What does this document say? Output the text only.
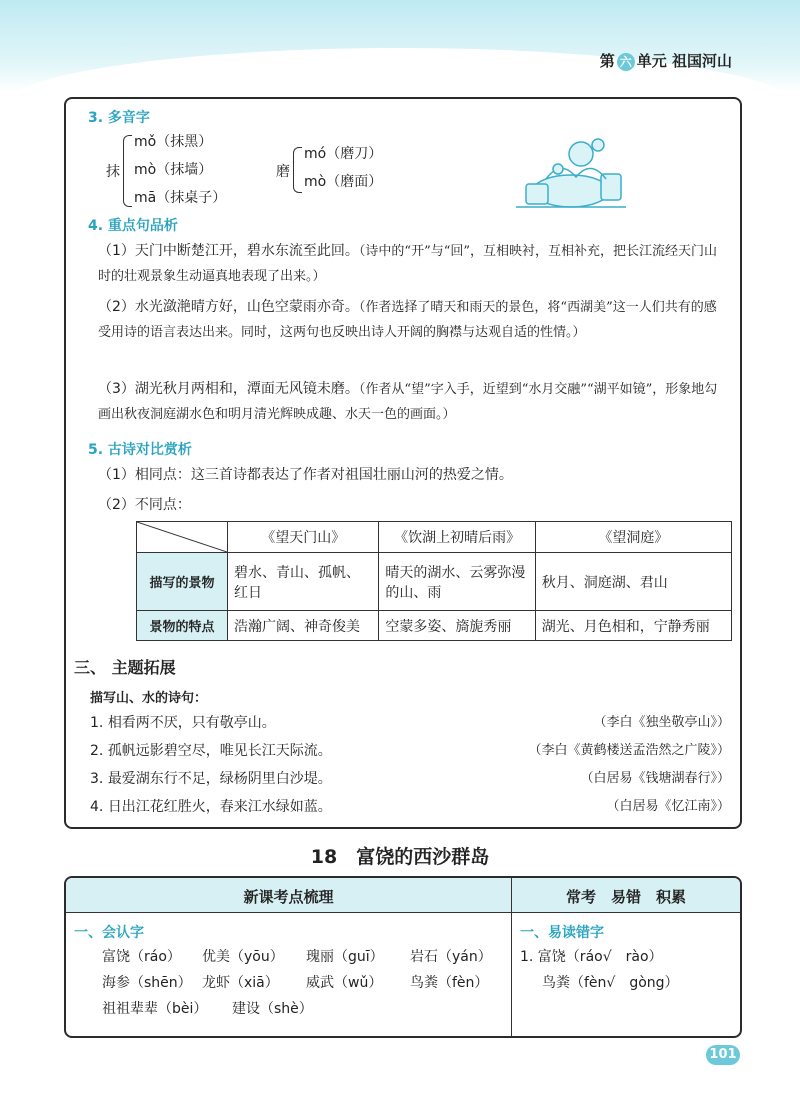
第 六 单元 祖国河山
3. 多音字
抹
mǒ（抹黑）
mò（抹墙）
mā（抹桌子）
磨
mó（磨刀）
mò（磨面）
4. 重点句品析
（1）天门中断楚江开，碧水东流至此回。（诗中的“开”与“回”，互相映衬，互相补充，把长江流经天门山时的壮观景象生动逼真地表现了出来。）
（2）水光潋滟晴方好，山色空蒙雨亦奇。（作者选择了晴天和雨天的景色，将“西湖美”这一人们共有的感受用诗的语言表达出来。同时，这两句也反映出诗人开阔的胸襟与达观自适的性情。）
（3）湖光秋月两相和，潭面无风镜未磨。（作者从“望”字入手，近望到“水月交融”“湖平如镜”，形象地勾画出秋夜洞庭湖水色和明月清光辉映成趣、水天一色的画面。）
5. 古诗对比赏析
（1）相同点：这三首诗都表达了作者对祖国壮丽山河的热爱之情。
（2）不同点：
	《望天门山》	《饮湖上初晴后雨》	《望洞庭》
描写的景物	碧水、青山、孤帆、红日	晴天的湖水、云雾弥漫的山、雨	秋月、洞庭湖、君山
景物的特点	浩瀚广阔、神奇俊美	空蒙多姿、旖旎秀丽	湖光、月色相和，宁静秀丽
三、 主题拓展
描写山、水的诗句：
1. 相看两不厌，只有敬亭山。	（李白《独坐敬亭山》）
2. 孤帆远影碧空尽，唯见长江天际流。	（李白《黄鹤楼送孟浩然之广陵》）
3. 最爱湖东行不足，绿杨阴里白沙堤。	（白居易《钱塘湖春行》）
4. 日出江花红胜火，春来江水绿如蓝。	（白居易《忆江南》）
18　富饶的西沙群岛
新课考点梳理	常考　易错　积累
一、会认字
富饶（ráo） 优美（yōu） 瑰丽（guī） 岩石（yán）
海参（shēn） 龙虾（xiā） 威武（wǔ） 鸟粪（fèn）
祖祖辈辈（bèi） 建设（shè）
一、易读错字
1. 富饶（ráo√　rào）
鸟粪（fèn√　gòng）
101
